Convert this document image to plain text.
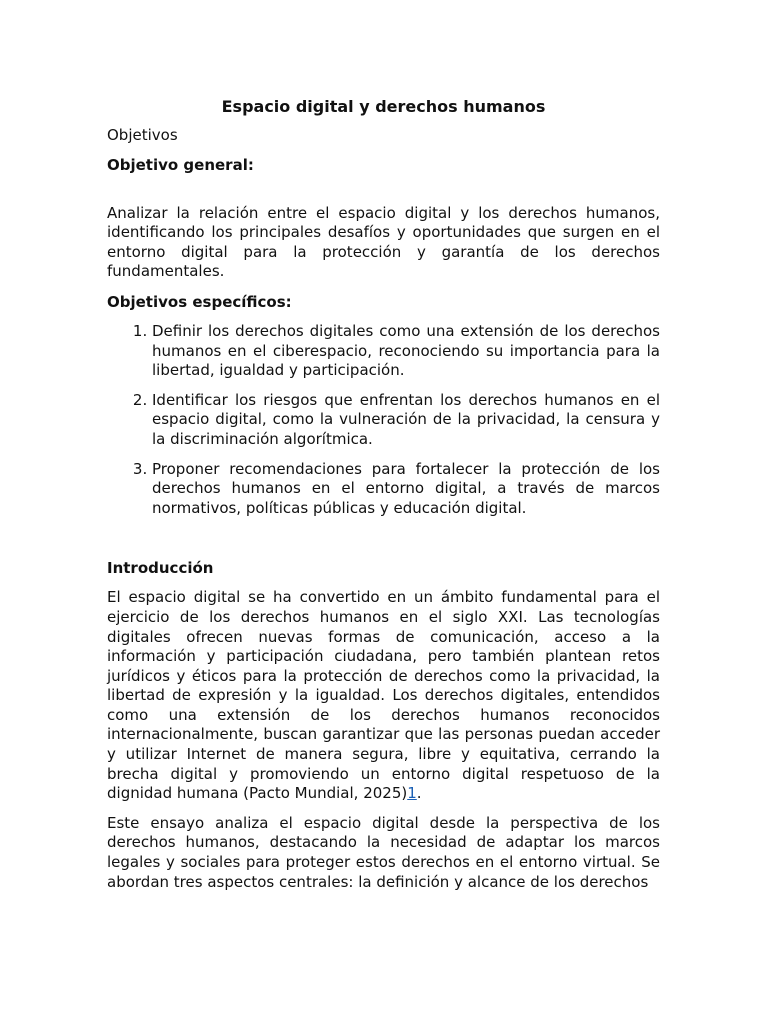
Espacio digital y derechos humanos

Objetivos

Objetivo general:

Analizar la relación entre el espacio digital y los derechos humanos, identificando los principales desafíos y oportunidades que surgen en el entorno digital para la protección y garantía de los derechos fundamentales.

Objetivos específicos:

1. Definir los derechos digitales como una extensión de los derechos humanos en el ciberespacio, reconociendo su importancia para la libertad, igualdad y participación.
2. Identificar los riesgos que enfrentan los derechos humanos en el espacio digital, como la vulneración de la privacidad, la censura y la discriminación algorítmica.
3. Proponer recomendaciones para fortalecer la protección de los derechos humanos en el entorno digital, a través de marcos normativos, políticas públicas y educación digital.

Introducción

El espacio digital se ha convertido en un ámbito fundamental para el ejercicio de los derechos humanos en el siglo XXI. Las tecnologías digitales ofrecen nuevas formas de comunicación, acceso a la información y participación ciudadana, pero también plantean retos jurídicos y éticos para la protección de derechos como la privacidad, la libertad de expresión y la igualdad. Los derechos digitales, entendidos como una extensión de los derechos humanos reconocidos internacionalmente, buscan garantizar que las personas puedan acceder y utilizar Internet de manera segura, libre y equitativa, cerrando la brecha digital y promoviendo un entorno digital respetuoso de la dignidad humana (Pacto Mundial, 2025)1.

Este ensayo analiza el espacio digital desde la perspectiva de los derechos humanos, destacando la necesidad de adaptar los marcos legales y sociales para proteger estos derechos en el entorno virtual. Se abordan tres aspectos centrales: la definición y alcance de los derechos
